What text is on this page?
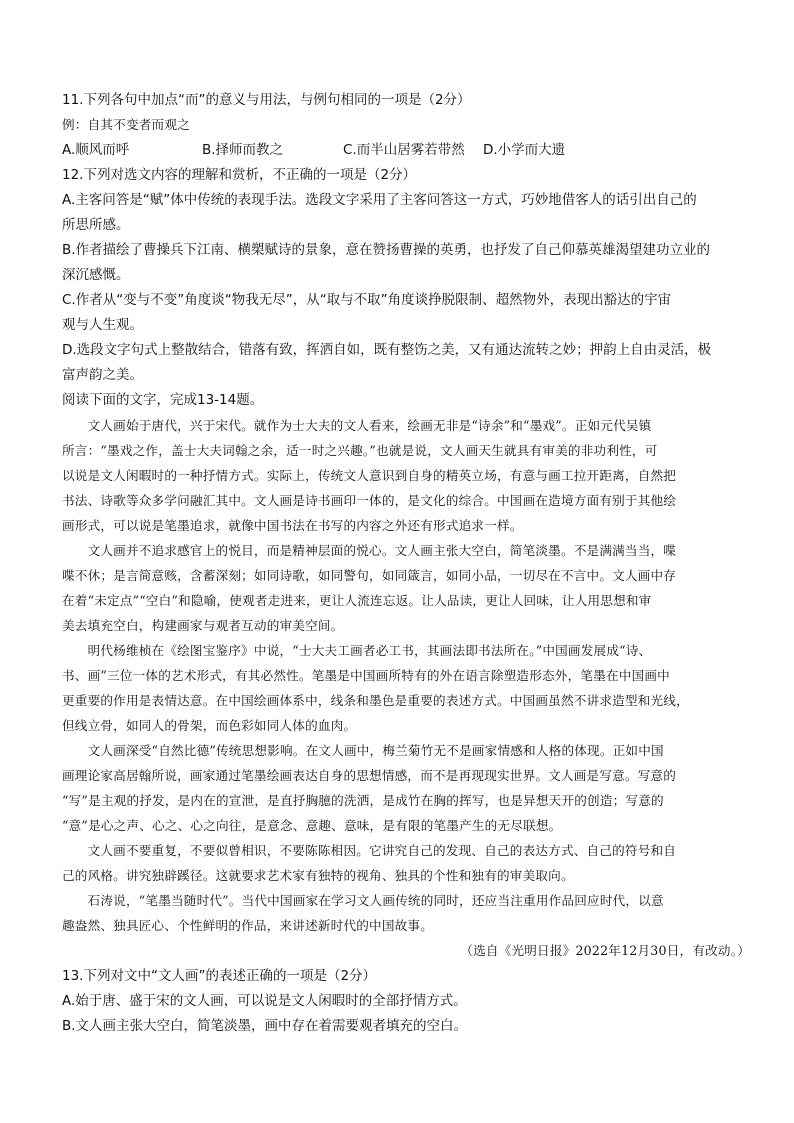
11.下列各句中加点“而”的意义与用法，与例句相同的一项是（2分）
例：自其不变者而观之
A.顺风而呼	B.择师而教之	C.而半山居雾若带然 D.小学而大遗
12.下列对选文内容的理解和赏析，不正确的一项是（2分）
A.主客问答是“赋”体中传统的表现手法。选段文字采用了主客问答这一方式，巧妙地借客人的话引出自己的
所思所感。
B.作者描绘了曹操兵下江南、横槊赋诗的景象，意在赞扬曹操的英勇，也抒发了自己仰慕英雄渴望建功立业的
深沉感慨。
C.作者从“变与不变”角度谈“物我无尽”，从“取与不取”角度谈挣脱限制、超然物外，表现出豁达的宇宙
观与人生观。
D.选段文字句式上整散结合，错落有致，挥洒自如，既有整饬之美，又有通达流转之妙；押韵上自由灵活，极
富声韵之美。
阅读下面的文字，完成13-14题。
　　文人画始于唐代，兴于宋代。就作为士大夫的文人看来，绘画无非是“诗余”和“墨戏”。正如元代吴镇
所言：“墨戏之作，盖士大夫词翰之余，适一时之兴趣。”也就是说，文人画天生就具有审美的非功利性，可
以说是文人闲暇时的一种抒情方式。实际上，传统文人意识到自身的精英立场，有意与画工拉开距离，自然把
书法、诗歌等众多学问融汇其中。文人画是诗书画印一体的，是文化的综合。中国画在造境方面有别于其他绘
画形式，可以说是笔墨追求，就像中国书法在书写的内容之外还有形式追求一样。
　　文人画并不追求感官上的悦目，而是精神层面的悦心。文人画主张大空白，简笔淡墨。不是满满当当，喋
喋不休；是言简意赅，含蓄深刻；如同诗歌，如同警句，如同箴言，如同小品，一切尽在不言中。文人画中存
在着“未定点”“空白”和隐喻，使观者走进来，更让人流连忘返。让人品读，更让人回味，让人用思想和审
美去填充空白，构建画家与观者互动的审美空间。
　　明代杨维桢在《绘图宝鉴序》中说，“士大夫工画者必工书，其画法即书法所在。”中国画发展成“诗、
书、画”三位一体的艺术形式，有其必然性。笔墨是中国画所特有的外在语言除塑造形态外，笔墨在中国画中
更重要的作用是表情达意。在中国绘画体系中，线条和墨色是重要的表述方式。中国画虽然不讲求造型和光线，
但线立骨，如同人的骨架，而色彩如同人体的血肉。
　　文人画深受“自然比德”传统思想影响。在文人画中，梅兰菊竹无不是画家情感和人格的体现。正如中国
画理论家高居翰所说，画家通过笔墨绘画表达自身的思想情感，而不是再现现实世界。文人画是写意。写意的
“写”是主观的抒发，是内在的宣泄，是直抒胸臆的洗洒，是成竹在胸的挥写，也是异想天开的创造；写意的
“意”是心之声、心之、心之向往，是意念、意趣、意味，是有限的笔墨产生的无尽联想。
　　文人画不要重复，不要似曾相识，不要陈陈相因。它讲究自己的发现、自己的表达方式、自己的符号和自
己的风格。讲究独辟蹊径。这就要求艺术家有独特的视角、独具的个性和独有的审美取向。
　　石涛说，“笔墨当随时代”。当代中国画家在学习文人画传统的同时，还应当注重用作品回应时代，以意
趣盎然、独具匠心、个性鲜明的作品，来讲述新时代的中国故事。
（选自《光明日报》2022年12月30日，有改动。）
13.下列对文中“文人画”的表述正确的一项是（2分）
A.始于唐、盛于宋的文人画，可以说是文人闲暇时的全部抒情方式。
B.文人画主张大空白，简笔淡墨，画中存在着需要观者填充的空白。
